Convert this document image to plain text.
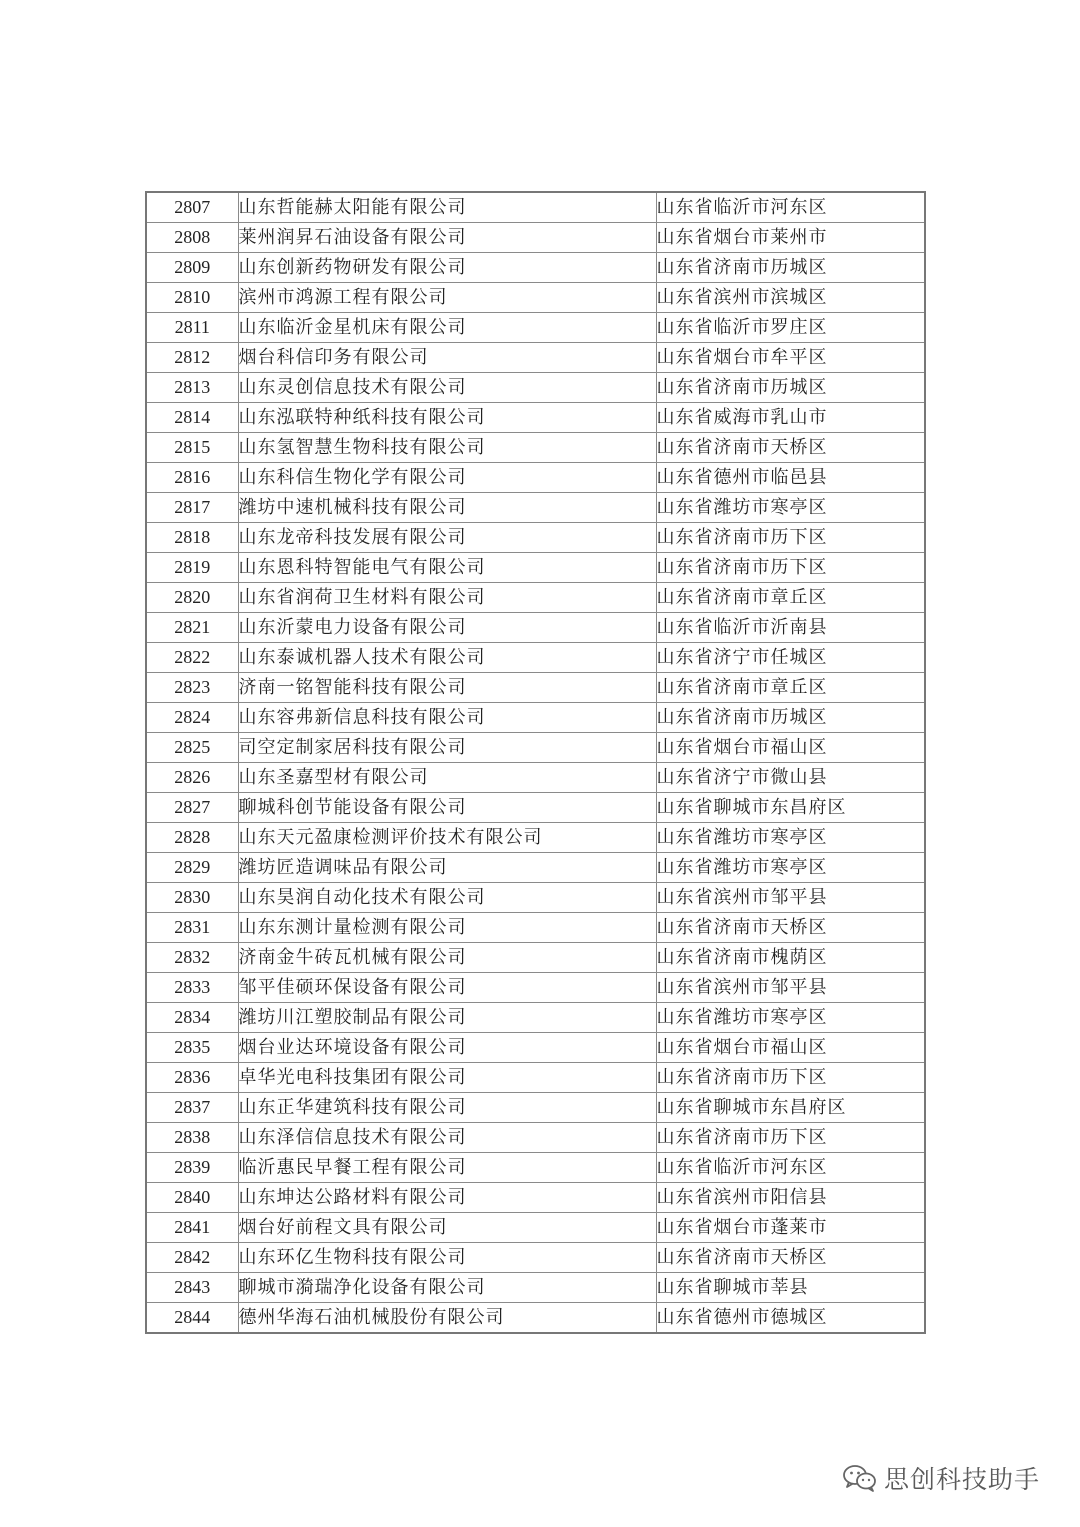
2807	山东哲能赫太阳能有限公司	山东省临沂市河东区
2808	莱州润昇石油设备有限公司	山东省烟台市莱州市
2809	山东创新药物研发有限公司	山东省济南市历城区
2810	滨州市鸿源工程有限公司	山东省滨州市滨城区
2811	山东临沂金星机床有限公司	山东省临沂市罗庄区
2812	烟台科信印务有限公司	山东省烟台市牟平区
2813	山东灵创信息技术有限公司	山东省济南市历城区
2814	山东泓联特种纸科技有限公司	山东省威海市乳山市
2815	山东氢智慧生物科技有限公司	山东省济南市天桥区
2816	山东科信生物化学有限公司	山东省德州市临邑县
2817	潍坊中速机械科技有限公司	山东省潍坊市寒亭区
2818	山东龙帝科技发展有限公司	山东省济南市历下区
2819	山东恩科特智能电气有限公司	山东省济南市历下区
2820	山东省润荷卫生材料有限公司	山东省济南市章丘区
2821	山东沂蒙电力设备有限公司	山东省临沂市沂南县
2822	山东泰诚机器人技术有限公司	山东省济宁市任城区
2823	济南一铭智能科技有限公司	山东省济南市章丘区
2824	山东容弗新信息科技有限公司	山东省济南市历城区
2825	司空定制家居科技有限公司	山东省烟台市福山区
2826	山东圣嘉型材有限公司	山东省济宁市微山县
2827	聊城科创节能设备有限公司	山东省聊城市东昌府区
2828	山东天元盈康检测评价技术有限公司	山东省潍坊市寒亭区
2829	潍坊匠造调味品有限公司	山东省潍坊市寒亭区
2830	山东昊润自动化技术有限公司	山东省滨州市邹平县
2831	山东东测计量检测有限公司	山东省济南市天桥区
2832	济南金牛砖瓦机械有限公司	山东省济南市槐荫区
2833	邹平佳硕环保设备有限公司	山东省滨州市邹平县
2834	潍坊川江塑胶制品有限公司	山东省潍坊市寒亭区
2835	烟台业达环境设备有限公司	山东省烟台市福山区
2836	卓华光电科技集团有限公司	山东省济南市历下区
2837	山东正华建筑科技有限公司	山东省聊城市东昌府区
2838	山东泽信信息技术有限公司	山东省济南市历下区
2839	临沂惠民早餐工程有限公司	山东省临沂市河东区
2840	山东坤达公路材料有限公司	山东省滨州市阳信县
2841	烟台好前程文具有限公司	山东省烟台市蓬莱市
2842	山东环亿生物科技有限公司	山东省济南市天桥区
2843	聊城市漪瑞净化设备有限公司	山东省聊城市莘县
2844	德州华海石油机械股份有限公司	山东省德州市德城区
思创科技助手
